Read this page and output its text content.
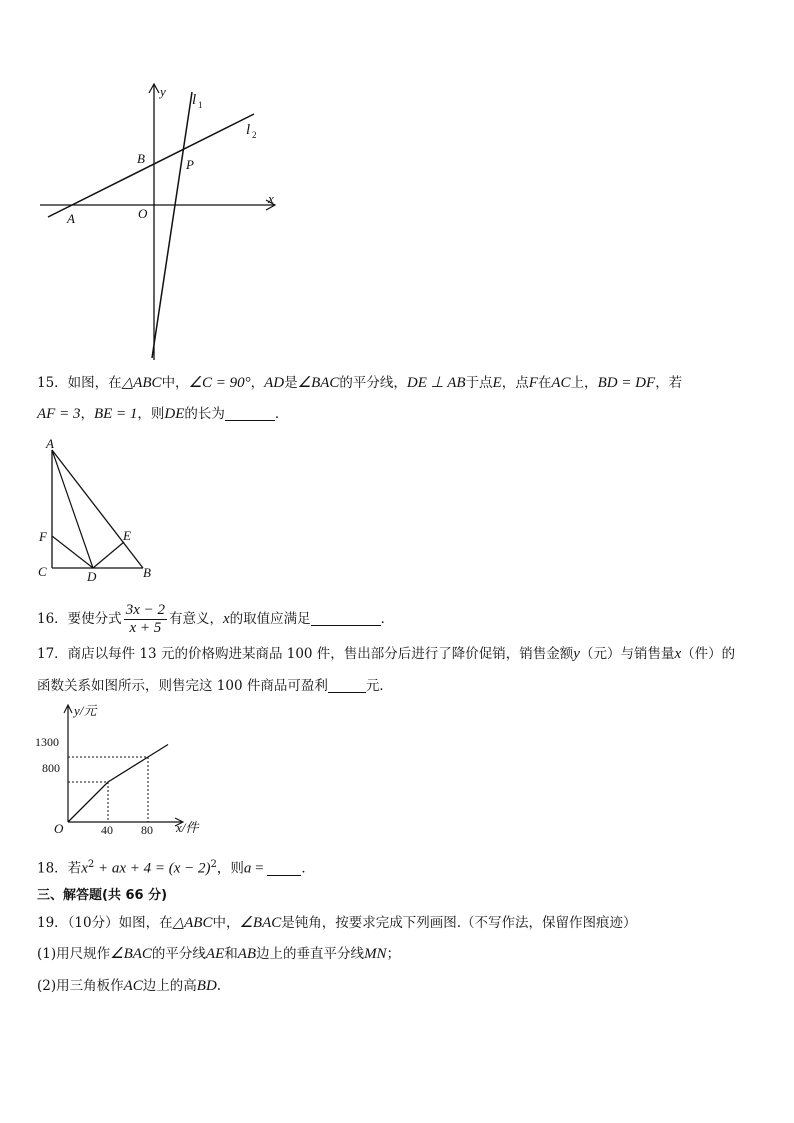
y
x
l 1
l 2
B	P
A	O
15．如图，在△ABC中，∠C = 90°，AD是∠BAC的平分线，DE ⊥ AB于点E，点F在AC上，BD = DF，若
AF = 3，BE = 1，则DE的长为	．
A
F	E
C	D	B
16．要使分式 $\frac{3x - 2}{x + 5}$ 有意义，x的取值应满足	．
17．商店以每件 13 元的价格购进某商品 100 件，售出部分后进行了降价促销，销售金额y（元）与销售量x（件）的
函数关系如图所示，则售完这 100 件商品可盈利	元．
y/元
x/件
O
1300
800
40 80
18．若$x^2$ + ax + $4 = (x - 2)^2$，则a =	．
三、解答题(共 66 分)
19．（10分）如图，在△ABC中，∠BAC是钝角，按要求完成下列画图.（不写作法，保留作图痕迹）
(1)用尺规作∠BAC的平分线AE和AB边上的垂直平分线MN；
(2)用三角板作AC边上的高BD.
